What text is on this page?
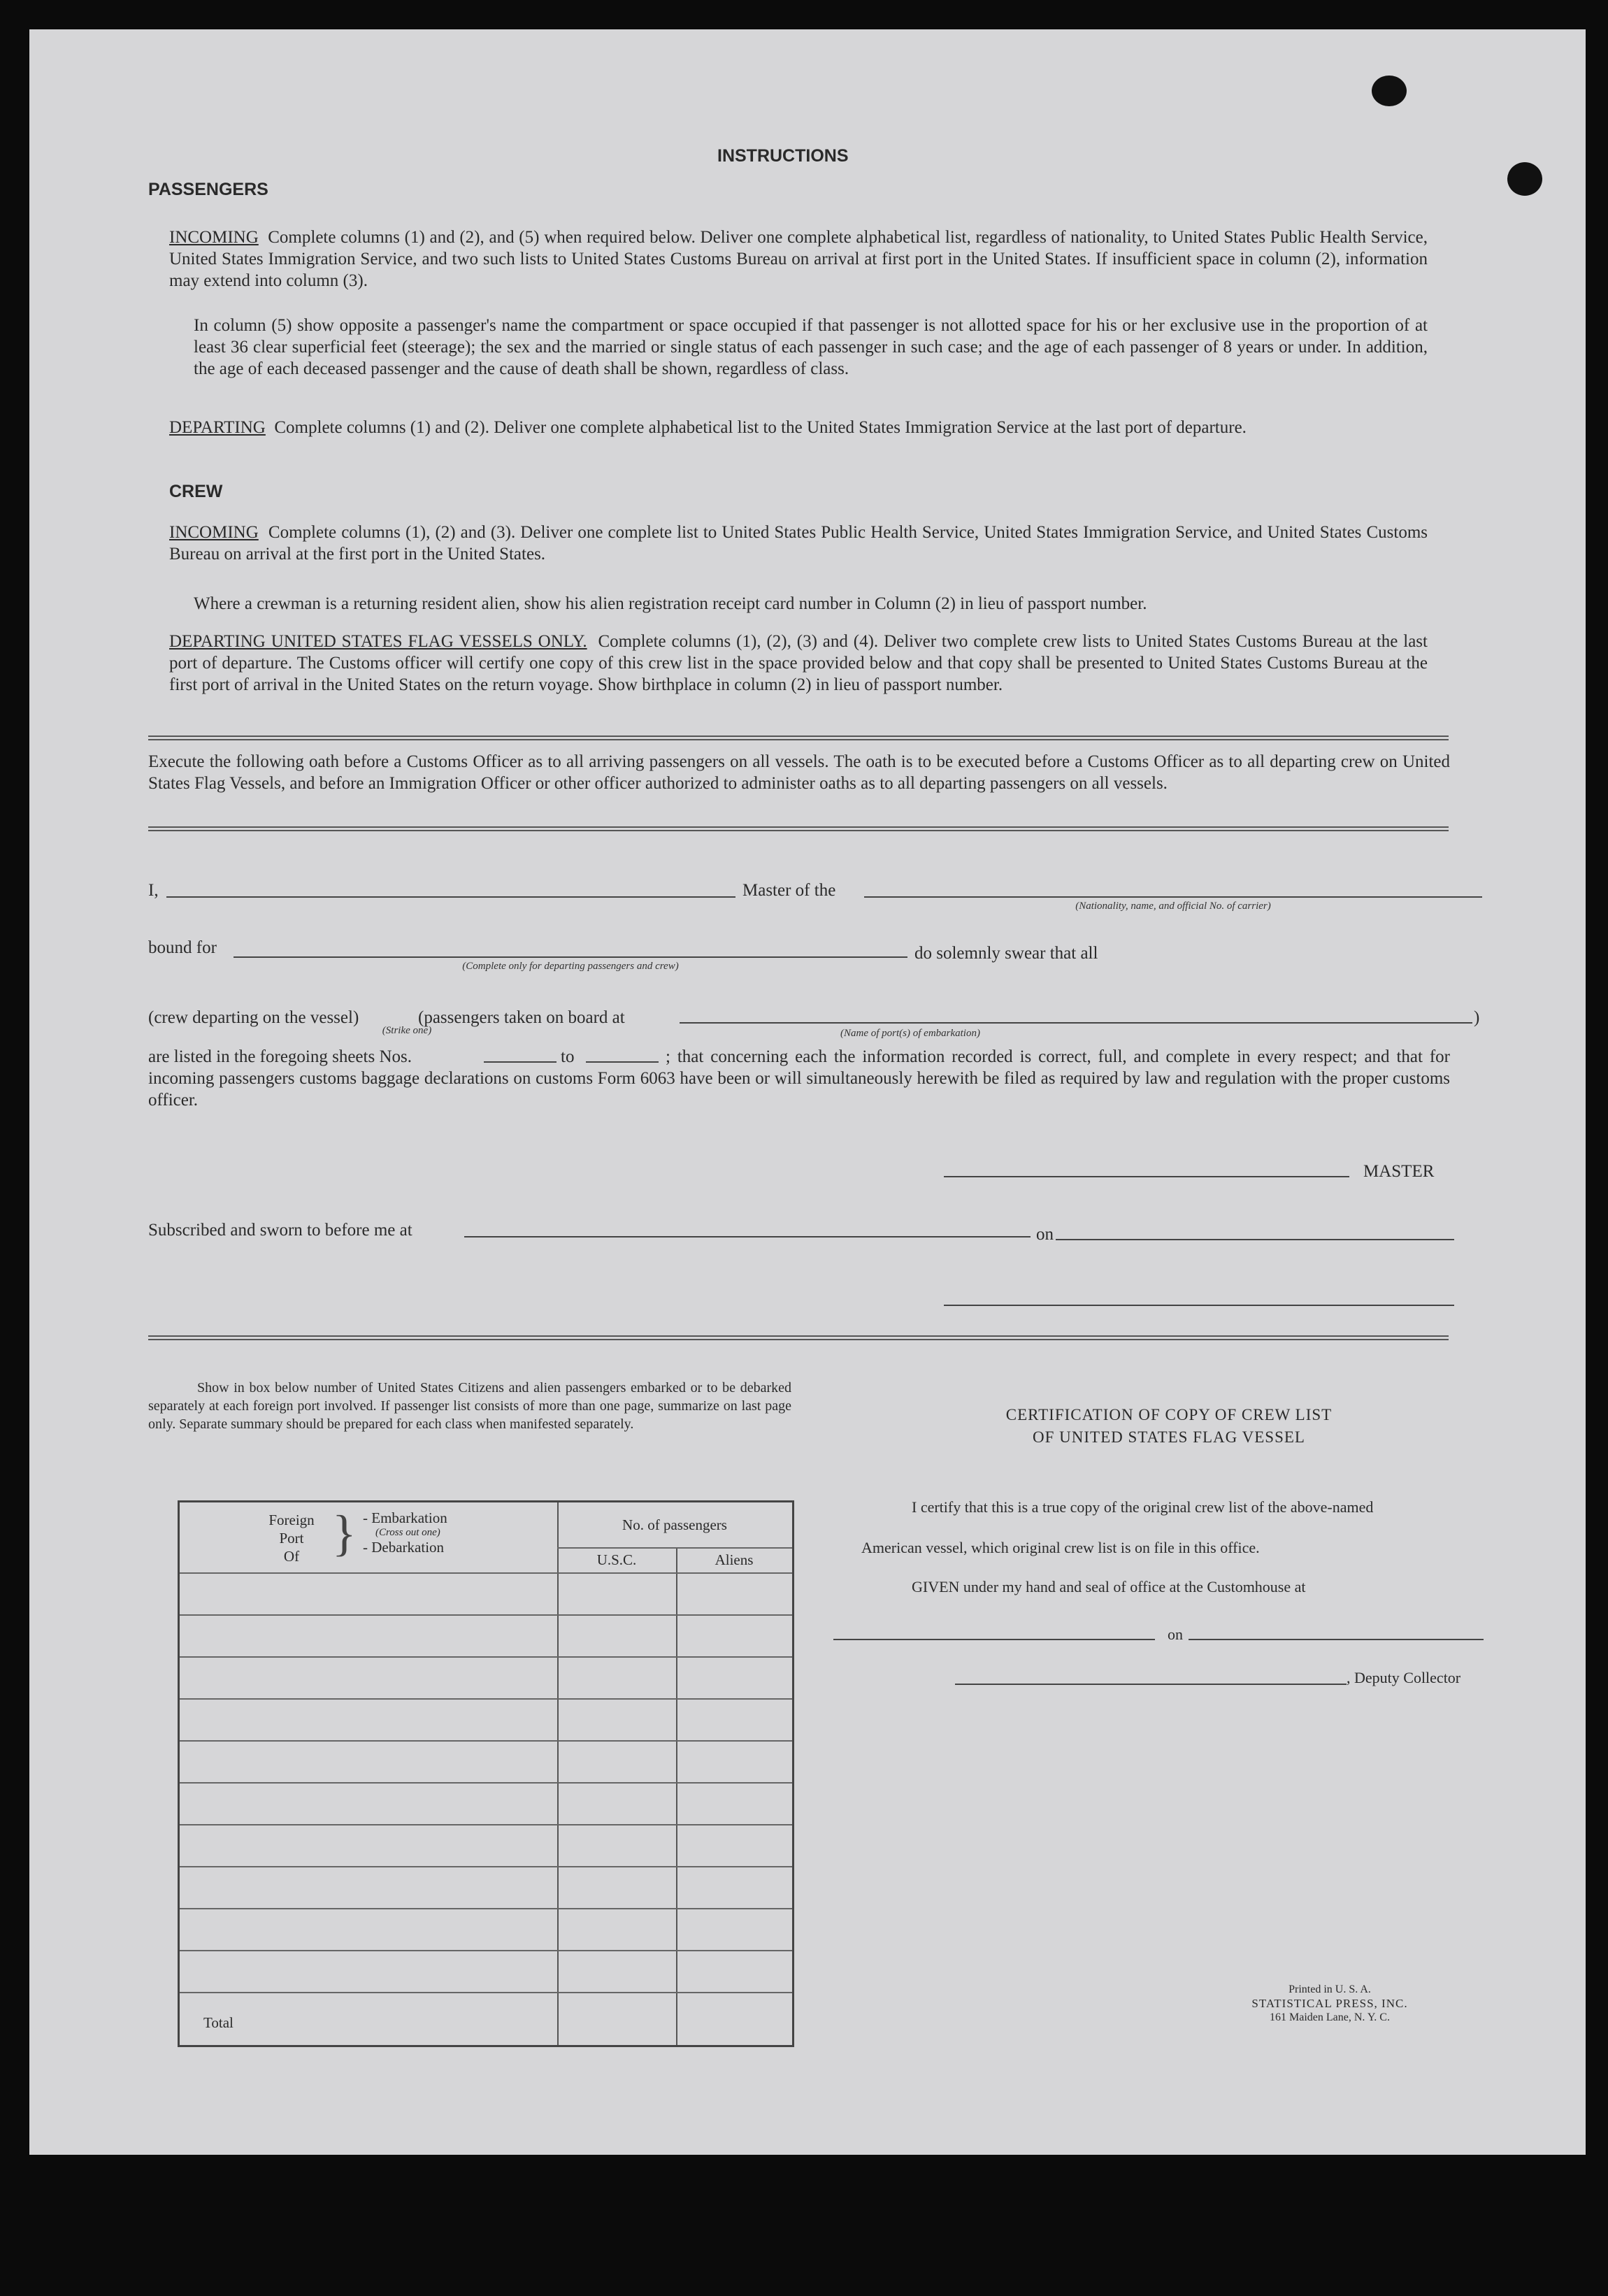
INSTRUCTIONS
PASSENGERS
INCOMING Complete columns (1) and (2), and (5) when required below. Deliver one complete alphabetical list, regardless of nationality, to United States Public Health Service, United States Immigration Service, and two such lists to United States Customs Bureau on arrival at first port in the United States. If insufficient space in column (2), information may extend into column (3).
In column (5) show opposite a passenger's name the compartment or space occupied if that passenger is not allotted space for his or her exclusive use in the proportion of at least 36 clear superficial feet (steerage); the sex and the married or single status of each passenger in such case; and the age of each passenger of 8 years or under. In addition, the age of each deceased passenger and the cause of death shall be shown, regardless of class.
DEPARTING Complete columns (1) and (2). Deliver one complete alphabetical list to the United States Immigration Service at the last port of departure.
CREW
INCOMING Complete columns (1), (2) and (3). Deliver one complete list to United States Public Health Service, United States Immigration Service, and United States Customs Bureau on arrival at the first port in the United States.
Where a crewman is a returning resident alien, show his alien registration receipt card number in Column (2) in lieu of passport number.
DEPARTING UNITED STATES FLAG VESSELS ONLY. Complete columns (1), (2), (3) and (4). Deliver two complete crew lists to United States Customs Bureau at the last port of departure. The Customs officer will certify one copy of this crew list in the space provided below and that copy shall be presented to United States Customs Bureau at the first port of arrival in the United States on the return voyage. Show birthplace in column (2) in lieu of passport number.
Execute the following oath before a Customs Officer as to all arriving passengers on all vessels. The oath is to be executed before a Customs Officer as to all departing crew on United States Flag Vessels, and before an Immigration Officer or other officer authorized to administer oaths as to all departing passengers on all vessels.
I,	Master of the
(Nationality, name, and official No. of carrier)
bound for
(Complete only for departing passengers and crew)
do solemnly swear that all
(crew departing on the vessel)	(passengers taken on board at
(Strike one)	(Name of port(s) of embarkation)
)
are listed in the foregoing sheets Nos.	to	; that concerning each the information recorded is correct, full, and complete in every respect; and that for incoming passengers customs baggage declarations on customs Form 6063 have been or will simultaneously herewith be filed as required by law and regulation with the proper customs officer.
MASTER
Subscribed and sworn to before me at	on
Show in box below number of United States Citizens and alien passengers embarked or to be debarked separately at each foreign port involved. If passenger list consists of more than one page, summarize on last page only. Separate summary should be prepared for each class when manifested separately.
Foreign
Port
Of } - Embarkation
(Cross out one)
- Debarkation
No. of passengers
U.S.C.	Aliens
Total
CERTIFICATION OF COPY OF CREW LIST
OF UNITED STATES FLAG VESSEL
I certify that this is a true copy of the original crew list of the above-named
American vessel, which original crew list is on file in this office.
GIVEN under my hand and seal of office at the Customhouse at
on
, Deputy Collector
Printed in U. S. A.
STATISTICAL PRESS, INC.
161 Maiden Lane, N. Y. C.
